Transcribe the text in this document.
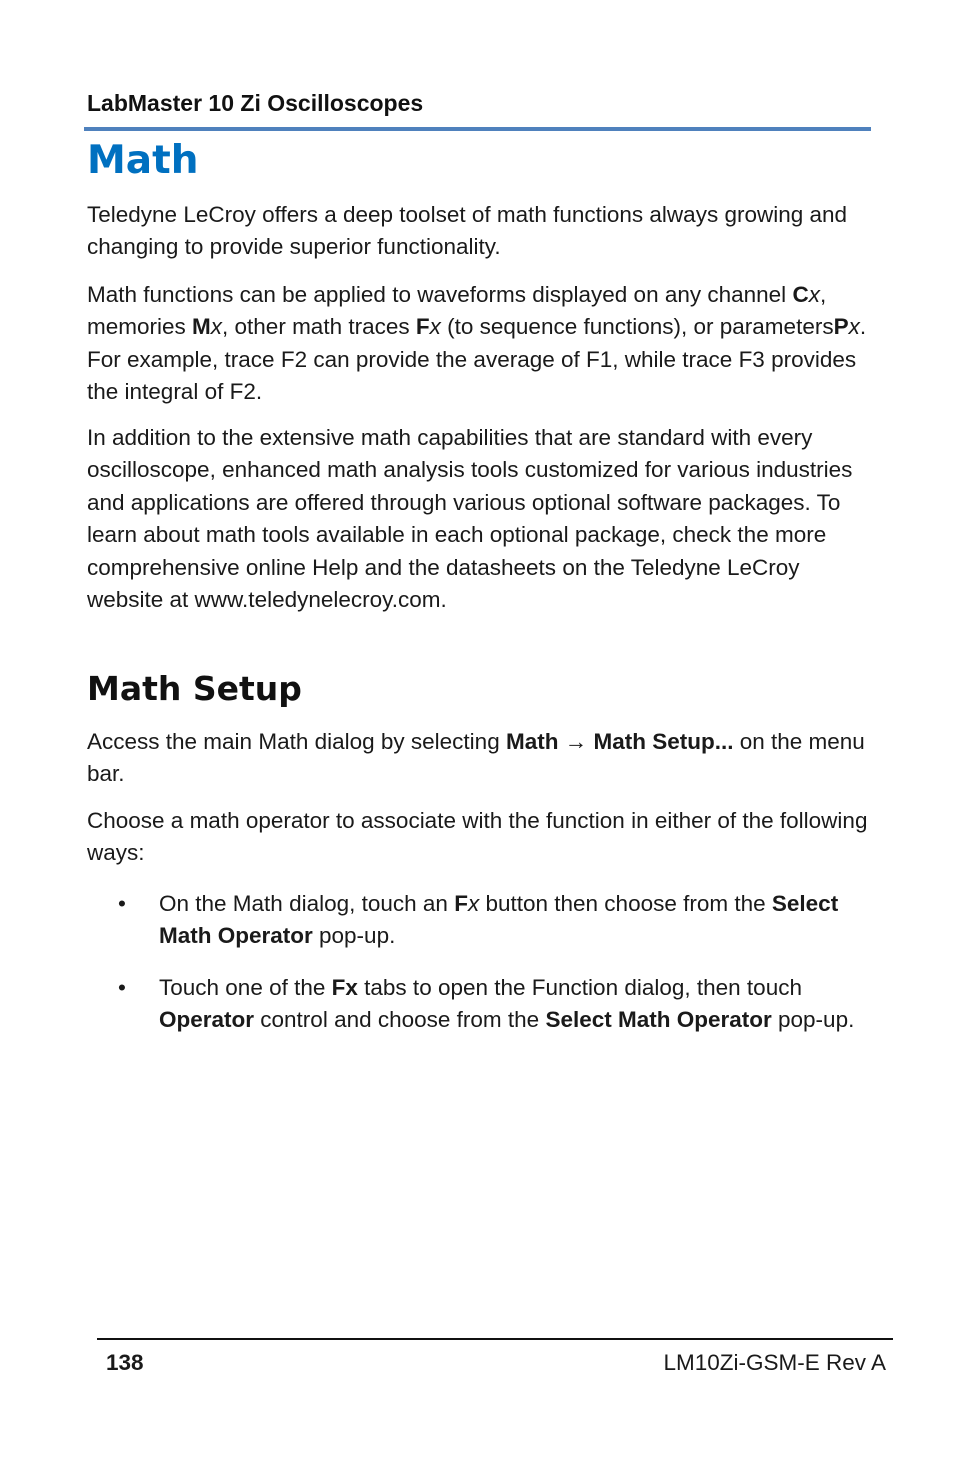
LabMaster 10 Zi Oscilloscopes
Math

Teledyne LeCroy offers a deep toolset of math functions always growing and changing to provide superior functionality.

Math functions can be applied to waveforms displayed on any channel Cx, memories Mx, other math traces Fx (to sequence functions), or parametersPx. For example, trace F2 can provide the average of F1, while trace F3 provides the integral of F2.

In addition to the extensive math capabilities that are standard with every oscilloscope, enhanced math analysis tools customized for various industries and applications are offered through various optional software packages. To learn about math tools available in each optional package, check the more comprehensive online Help and the datasheets on the Teledyne LeCroy website at www.teledynelecroy.com.

Math Setup

Access the main Math dialog by selecting Math → Math Setup... on the menu bar.

Choose a math operator to associate with the function in either of the following ways:

•	On the Math dialog, touch an Fx button then choose from the Select Math Operator pop-up.
•	Touch one of the Fx tabs to open the Function dialog, then touch Operator control and choose from the Select Math Operator pop-up.
138	LM10Zi-GSM-E Rev A
